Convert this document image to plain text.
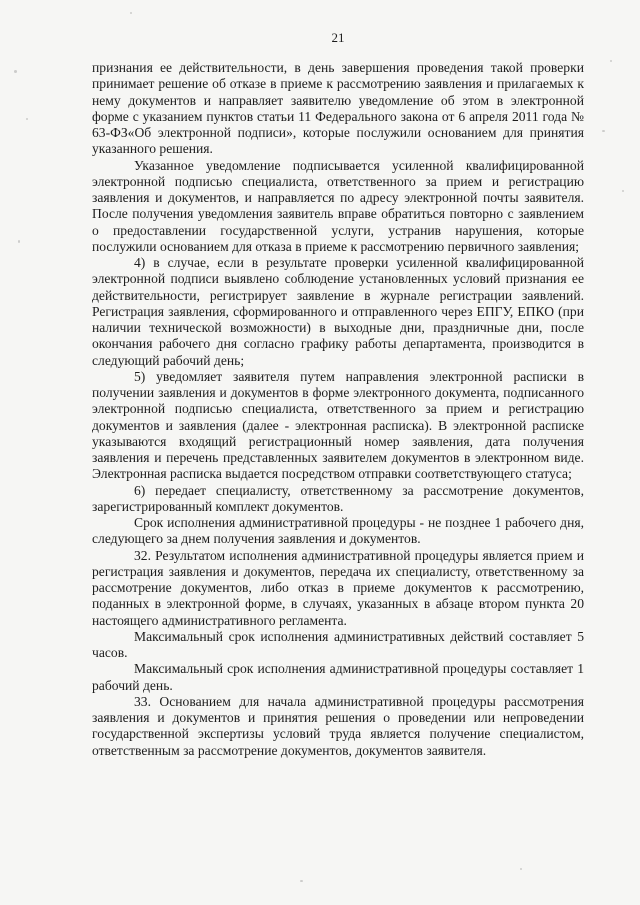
21

признания ее действительности, в день завершения проведения такой проверки принимает решение об отказе в приеме к рассмотрению заявления и прилагаемых к нему документов и направляет заявителю уведомление об этом в электронной форме с указанием пунктов статьи 11 Федерального закона от 6 апреля 2011 года № 63-ФЗ«Об электронной подписи», которые послужили основанием для принятия указанного решения.

Указанное уведомление подписывается усиленной квалифицированной электронной подписью специалиста, ответственного за прием и регистрацию заявления и документов, и направляется по адресу электронной почты заявителя. После получения уведомления заявитель вправе обратиться повторно с заявлением о предоставлении государственной услуги, устранив нарушения, которые послужили основанием для отказа в приеме к рассмотрению первичного заявления;

4) в случае, если в результате проверки усиленной квалифицированной электронной подписи выявлено соблюдение установленных условий признания ее действительности, регистрирует заявление в журнале регистрации заявлений. Регистрация заявления, сформированного и отправленного через ЕПГУ, ЕПКО (при наличии технической возможности) в выходные дни, праздничные дни, после окончания рабочего дня согласно графику работы департамента, производится в следующий рабочий день;

5) уведомляет заявителя путем направления электронной расписки в получении заявления и документов в форме электронного документа, подписанного электронной подписью специалиста, ответственного за прием и регистрацию документов и заявления (далее - электронная расписка). В электронной расписке указываются входящий регистрационный номер заявления, дата получения заявления и перечень представленных заявителем документов в электронном виде. Электронная расписка выдается посредством отправки соответствующего статуса;

6) передает специалисту, ответственному за рассмотрение документов, зарегистрированный комплект документов.

Срок исполнения административной процедуры - не позднее 1 рабочего дня, следующего за днем получения заявления и документов.

32. Результатом исполнения административной процедуры является прием и регистрация заявления и документов, передача их специалисту, ответственному за рассмотрение документов, либо отказ в приеме документов к рассмотрению, поданных в электронной форме, в случаях, указанных в абзаце втором пункта 20 настоящего административного регламента.

Максимальный срок исполнения административных действий составляет 5 часов.

Максимальный срок исполнения административной процедуры составляет 1 рабочий день.

33. Основанием для начала административной процедуры рассмотрения заявления и документов и принятия решения о проведении или непроведении государственной экспертизы условий труда является получение специалистом, ответственным за рассмотрение документов, документов заявителя.
